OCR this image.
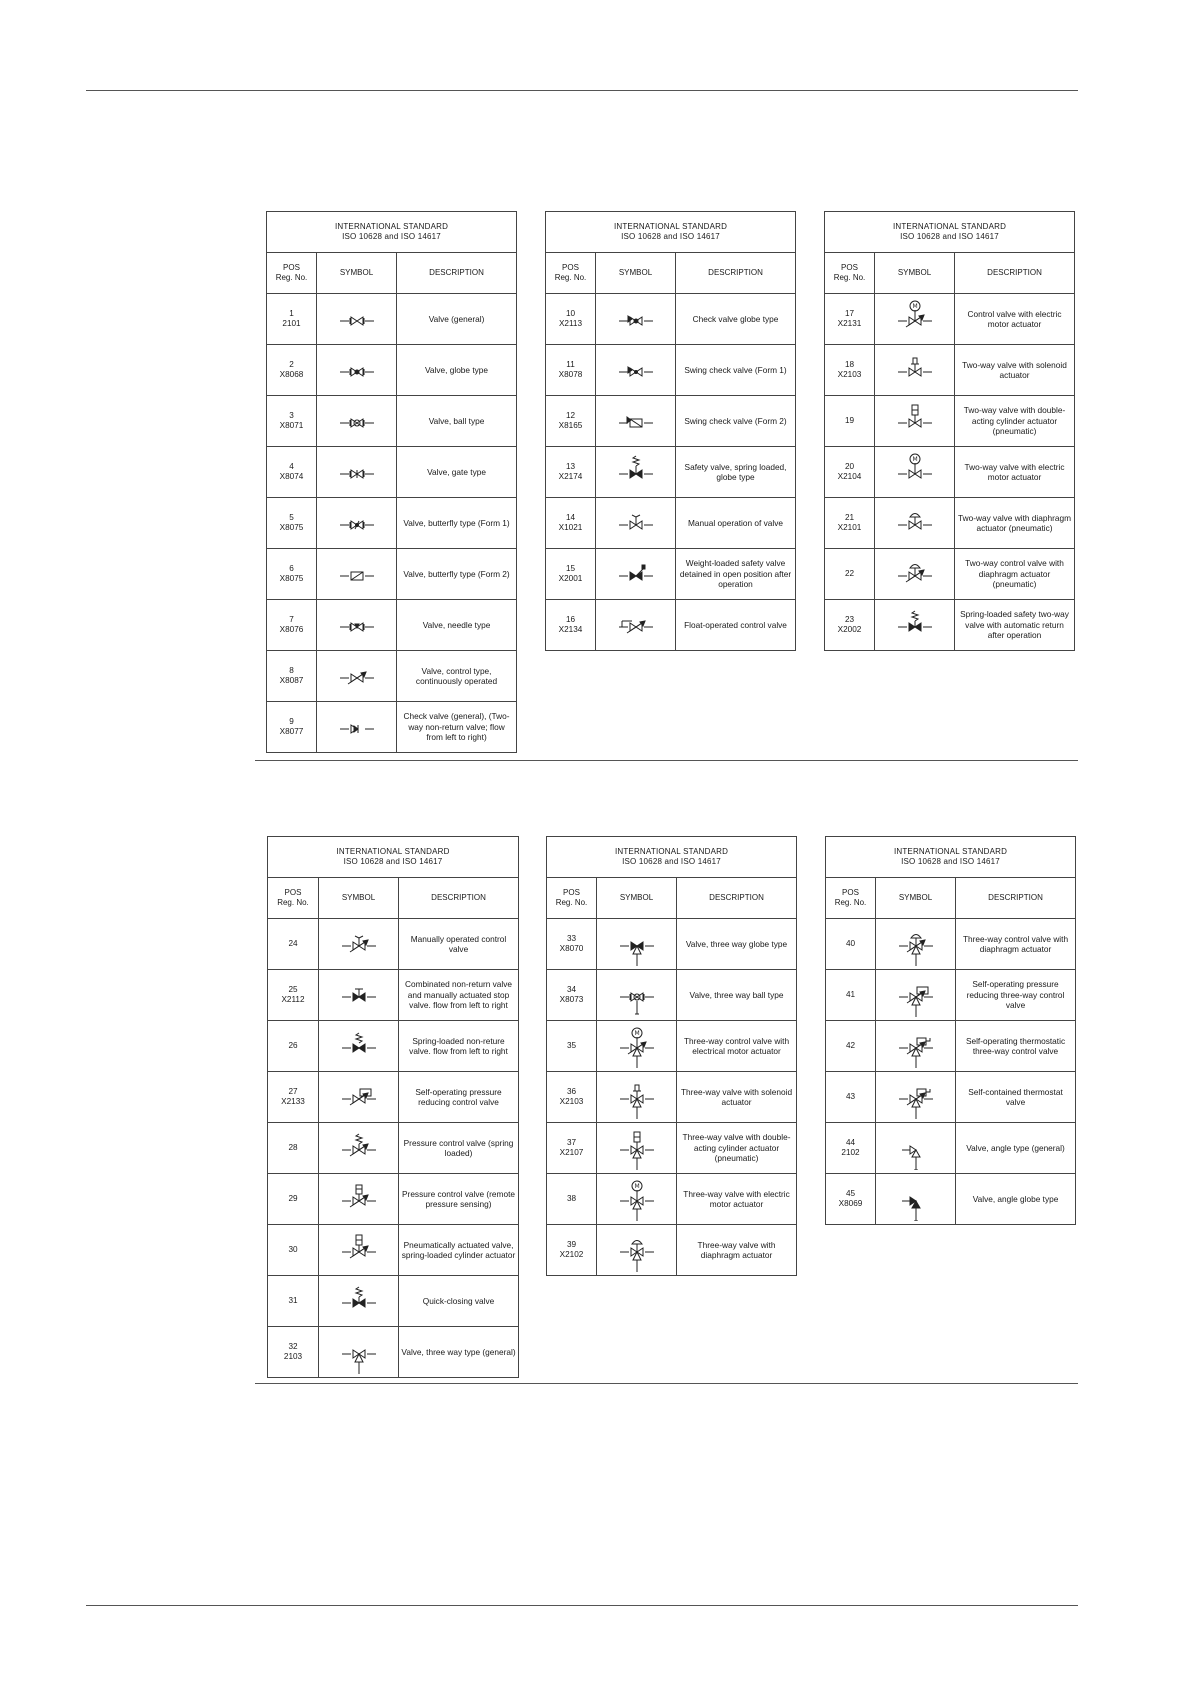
INTERNATIONAL STANDARD
ISO 10628 and ISO 14617		
POS
Reg. No.	SYMBOL	DESCRIPTION
1
2101		Valve (general)
2
X8068		Valve, globe type
3
X8071		Valve, ball type
4
X8074		Valve, gate type
5
X8075		Valve, butterfly type (Form 1)
6
X8075		Valve, butterfly type (Form 2)
7
X8076		Valve, needle type
8
X8087		Valve, control type, continuously operated
9
X8077		Check valve (general), (Two-way non-return valve; flow from left to right)
INTERNATIONAL STANDARD
ISO 10628 and ISO 14617		
POS
Reg. No.	SYMBOL	DESCRIPTION
10
X2113		Check valve globe type
11
X8078		Swing check valve (Form 1)
12
X8165		Swing check valve (Form 2)
13
X2174		Safety valve, spring loaded, globe type
14
X1021		Manual operation of valve
15
X2001		Weight-loaded safety valve detained in open position after operation
16
X2134		Float-operated control valve
INTERNATIONAL STANDARD
ISO 10628 and ISO 14617		
POS
Reg. No.	SYMBOL	DESCRIPTION
17
X2131	M	Control valve with electric motor actuator
18
X2103		Two-way valve with solenoid actuator
19		Two-way valve with double-acting cylinder actuator (pneumatic)
20
X2104	M	Two-way valve with electric motor actuator
21
X2101		Two-way valve with diaphragm actuator (pneumatic)
22		Two-way control valve with diaphragm actuator (pneumatic)
23
X2002		Spring-loaded safety two-way valve with automatic return after operation
INTERNATIONAL STANDARD
ISO 10628 and ISO 14617		
POS
Reg. No.	SYMBOL	DESCRIPTION
24		Manually operated control valve
25
X2112		Combinated non-return valve and manually actuated stop valve. flow from left to right
26		Spring-loaded non-returе valve. flow from left to right
27
X2133		Self-operating pressure reducing control valve
28		Pressure control valve (spring loaded)
29		Pressure control valve (remote pressure sensing)
30		Pneumatically actuated valve, spring-loaded cylinder actuator
31		Quick-closing valve
32
2103		Valve, three way type (general)
INTERNATIONAL STANDARD
ISO 10628 and ISO 14617		
POS
Reg. No.	SYMBOL	DESCRIPTION
33
X8070		Valve, three way globe type
34
X8073		Valve, three way ball type
35	M	Three-way control valve with electrical motor actuator
36
X2103		Three-way valve with solenoid actuator
37
X2107		Three-way valve with double-acting cylinder actuator (pneumatic)
38	M	Three-way valve with electric motor actuator
39
X2102		Three-way valve with diaphragm actuator
INTERNATIONAL STANDARD
ISO 10628 and ISO 14617		
POS
Reg. No.	SYMBOL	DESCRIPTION
40		Three-way control valve with diaphragm actuator
41		Self-operating pressure reducing three-way control valve
42		Self-operating thermostatic three-way control valve
43		Self-contained thermostat valve
44
2102		Valve, angle type (general)
45
X8069		Valve, angle globe type
